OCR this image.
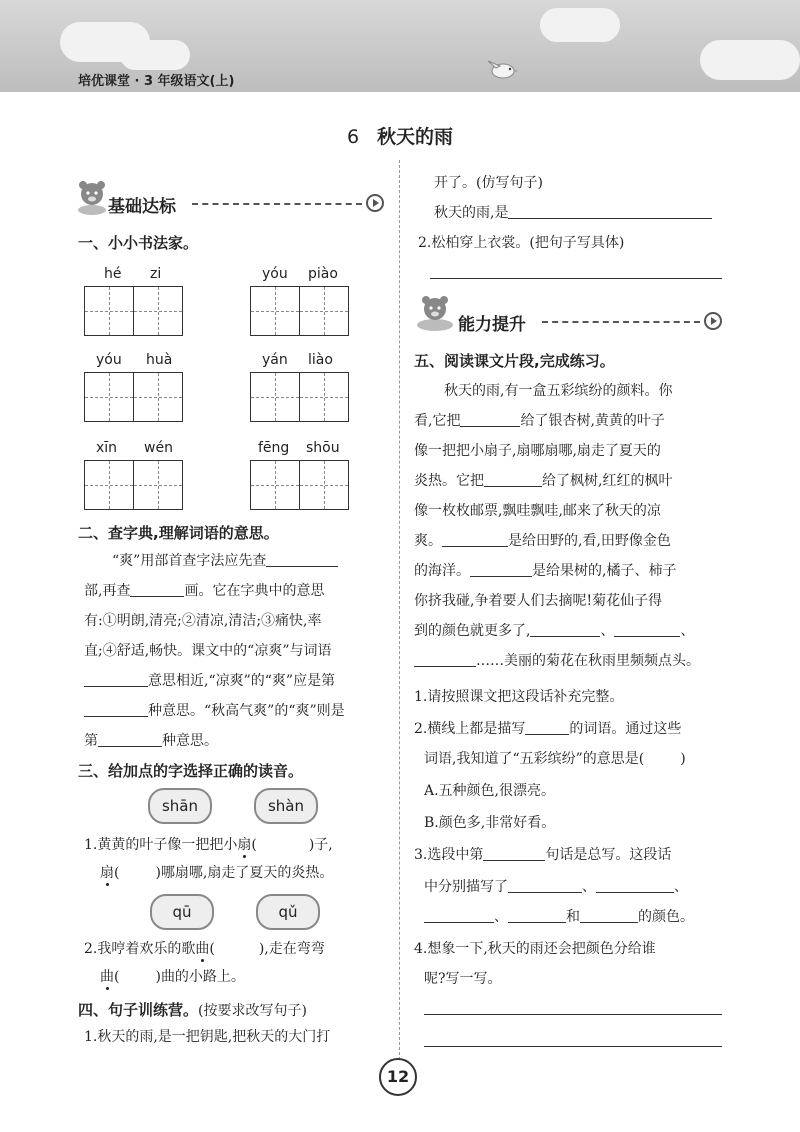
培优课堂 · 3 年级语文(上)
6 秋天的雨
基础达标
一、小小书法家。
hé zi	yóu piào
yóu huà	yán liào
xīn wén	fēng shōu
二、查字典,理解词语的意思。
“爽”用部首查字法应先查
部,再查	画。它在字典中的意思
有:①明朗,清亮;②清凉,清洁;③痛快,率
直;④舒适,畅快。课文中的“凉爽”与词语
意思相近,“凉爽”的“爽”应是第
种意思。“秋高气爽”的“爽”则是
第	种意思。
三、给加点的字选择正确的读音。
shān	shàn
1.黄黄的叶子像一把把小扇(	)子,
扇(	)哪扇哪,扇走了夏天的炎热。
qū	qǔ
2.我哼着欢乐的歌曲(	),走在弯弯
曲(	)曲的小路上。
四、句子训练营。(按要求改写句子)
1.秋天的雨,是一把钥匙,把秋天的大门打
开了。(仿写句子)
秋天的雨,是
2.松柏穿上衣裳。(把句子写具体)
能力提升
五、阅读课文片段,完成练习。
秋天的雨,有一盒五彩缤纷的颜料。你
看,它把	给了银杏树,黄黄的叶子
像一把把小扇子,扇哪扇哪,扇走了夏天的
炎热。它把	给了枫树,红红的枫叶
像一枚枚邮票,飘哇飘哇,邮来了秋天的凉
爽。	是给田野的,看,田野像金色
的海洋。	是给果树的,橘子、柿子
你挤我碰,争着要人们去摘呢!菊花仙子得
到的颜色就更多了,	、	、
……美丽的菊花在秋雨里频频点头。
1.请按照课文把这段话补充完整。
2.横线上都是描写	的词语。通过这些
词语,我知道了“五彩缤纷”的意思是(	)
A.五种颜色,很漂亮。
B.颜色多,非常好看。
3.选段中第	句话是总写。这段话
中分别描写了	、	、
、	和	的颜色。
4.想象一下,秋天的雨还会把颜色分给谁
呢?写一写。
12
